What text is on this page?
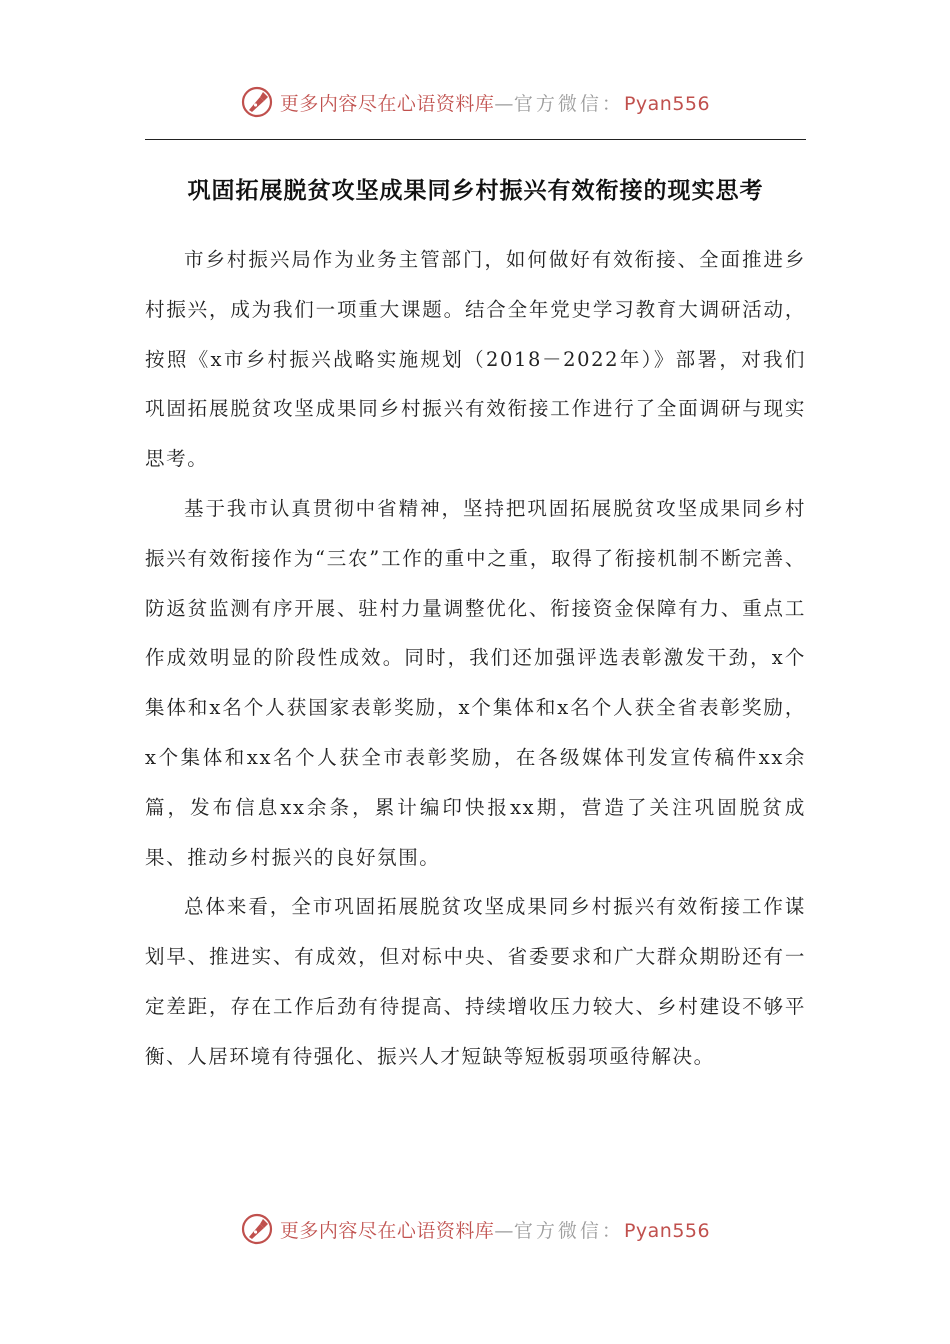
更多内容尽在心语资料库—官方微信：Pyan556
巩固拓展脱贫攻坚成果同乡村振兴有效衔接的现实思考

市乡村振兴局作为业务主管部门，如何做好有效衔接、全面推进乡村振兴，成为我们一项重大课题。结合全年党史学习教育大调研活动，按照《x市乡村振兴战略实施规划（2018－2022年）》部署，对我们巩固拓展脱贫攻坚成果同乡村振兴有效衔接工作进行了全面调研与现实思考。

基于我市认真贯彻中省精神，坚持把巩固拓展脱贫攻坚成果同乡村振兴有效衔接作为“三农”工作的重中之重，取得了衔接机制不断完善、防返贫监测有序开展、驻村力量调整优化、衔接资金保障有力、重点工作成效明显的阶段性成效。同时，我们还加强评选表彰激发干劲，x个集体和x名个人获国家表彰奖励，x个集体和x名个人获全省表彰奖励，x个集体和xx名个人获全市表彰奖励，在各级媒体刊发宣传稿件xx余篇，发布信息xx余条，累计编印快报xx期，营造了关注巩固脱贫成果、推动乡村振兴的良好氛围。

总体来看，全市巩固拓展脱贫攻坚成果同乡村振兴有效衔接工作谋划早、推进实、有成效，但对标中央、省委要求和广大群众期盼还有一定差距，存在工作后劲有待提高、持续增收压力较大、乡村建设不够平衡、人居环境有待强化、振兴人才短缺等短板弱项亟待解决。

更多内容尽在心语资料库—官方微信：Pyan556
